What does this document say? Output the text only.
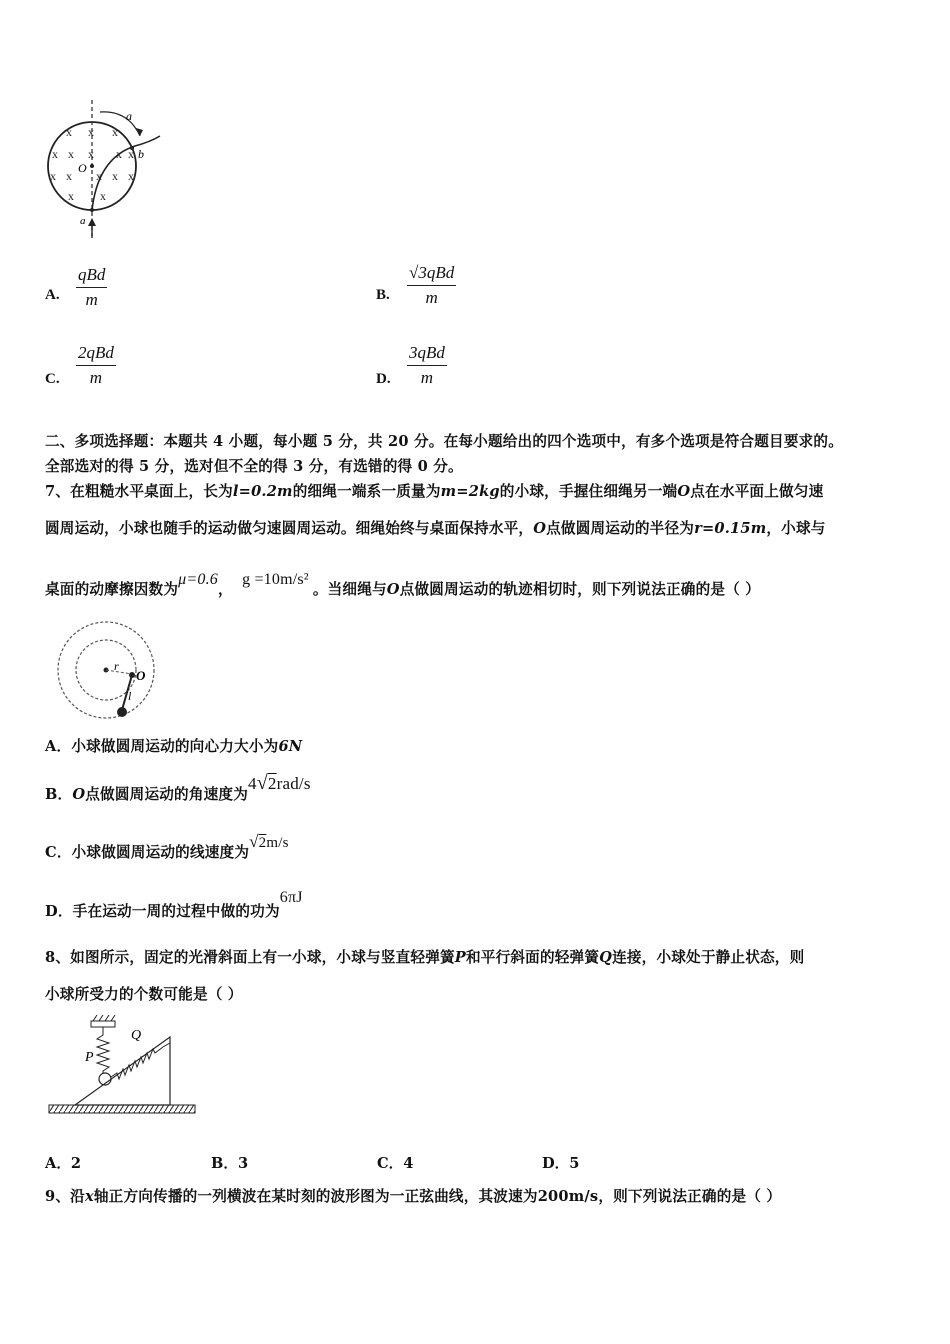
x x x
x x x x x
x x x x x
x x
a
b
O
a
A.
qBd
m	B.
√3qBd
m
C.
2qBd
m	D.
3qBd
m
二、多项选择题：本题共 4 小题，每小题 5 分，共 20 分。在每小题给出的四个选项中，有多个选项是符合题目要求的。
全部选对的得 5 分，选对但不全的得 3 分，有选错的得 0 分。
7、在粗糙水平桌面上，长为l=0.2m的细绳一端系一质量为m=2kg的小球，手握住细绳另一端O点在水平面上做匀速
圆周运动，小球也随手的运动做匀速圆周运动。细绳始终与桌面保持水平，O点做圆周运动的半径为r=0.15m，小球与
桌面的动摩擦因数为μ=0.6， g =10m/s²。当细绳与O点做圆周运动的轨迹相切时，则下列说法正确的是（ ）
r
O
l
A．小球做圆周运动的向心力大小为6N
B．O点做圆周运动的角速度为4√2rad/s
C．小球做圆周运动的线速度为√2m/s
D．手在运动一周的过程中做的功为6πJ
8、如图所示，固定的光滑斜面上有一小球，小球与竖直轻弹簧P和平行斜面的轻弹簧Q连接，小球处于静止状态，则
小球所受力的个数可能是（ ）
P
Q
A．2	B．3	C．4	D．5
9、沿x轴正方向传播的一列横波在某时刻的波形图为一正弦曲线，其波速为200m/s，则下列说法正确的是（ ）
